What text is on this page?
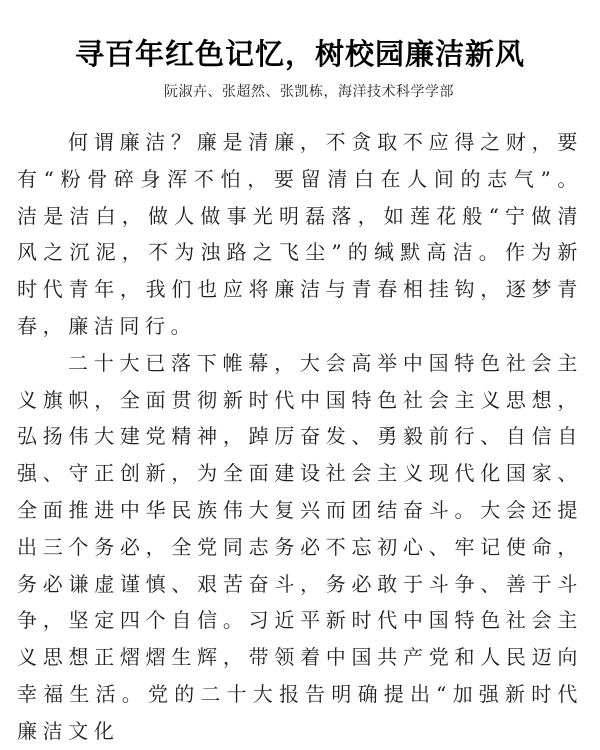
寻百年红色记忆，树校园廉洁新风
阮淑卉、张超然、张凯栋，海洋技术科学学部

何谓廉洁？廉是清廉，不贪取不应得之财，要有“粉骨碎身浑不怕，要留清白在人间的志气”。洁是洁白，做人做事光明磊落，如莲花般“宁做清风之沉泥，不为浊路之飞尘”的缄默高洁。作为新时代青年，我们也应将廉洁与青春相挂钩，逐梦青春，廉洁同行。

二十大已落下帷幕，大会高举中国特色社会主义旗帜，全面贯彻新时代中国特色社会主义思想，弘扬伟大建党精神，踔厉奋发、勇毅前行、自信自强、守正创新，为全面建设社会主义现代化国家、全面推进中华民族伟大复兴而团结奋斗。大会还提出三个务必，全党同志务必不忘初心、牢记使命，务必谦虚谨慎、艰苦奋斗，务必敢于斗争、善于斗争，坚定四个自信。习近平新时代中国特色社会主义思想正熠熠生辉，带领着中国共产党和人民迈向幸福生活。党的二十大报告明确提出“加强新时代廉洁文化
